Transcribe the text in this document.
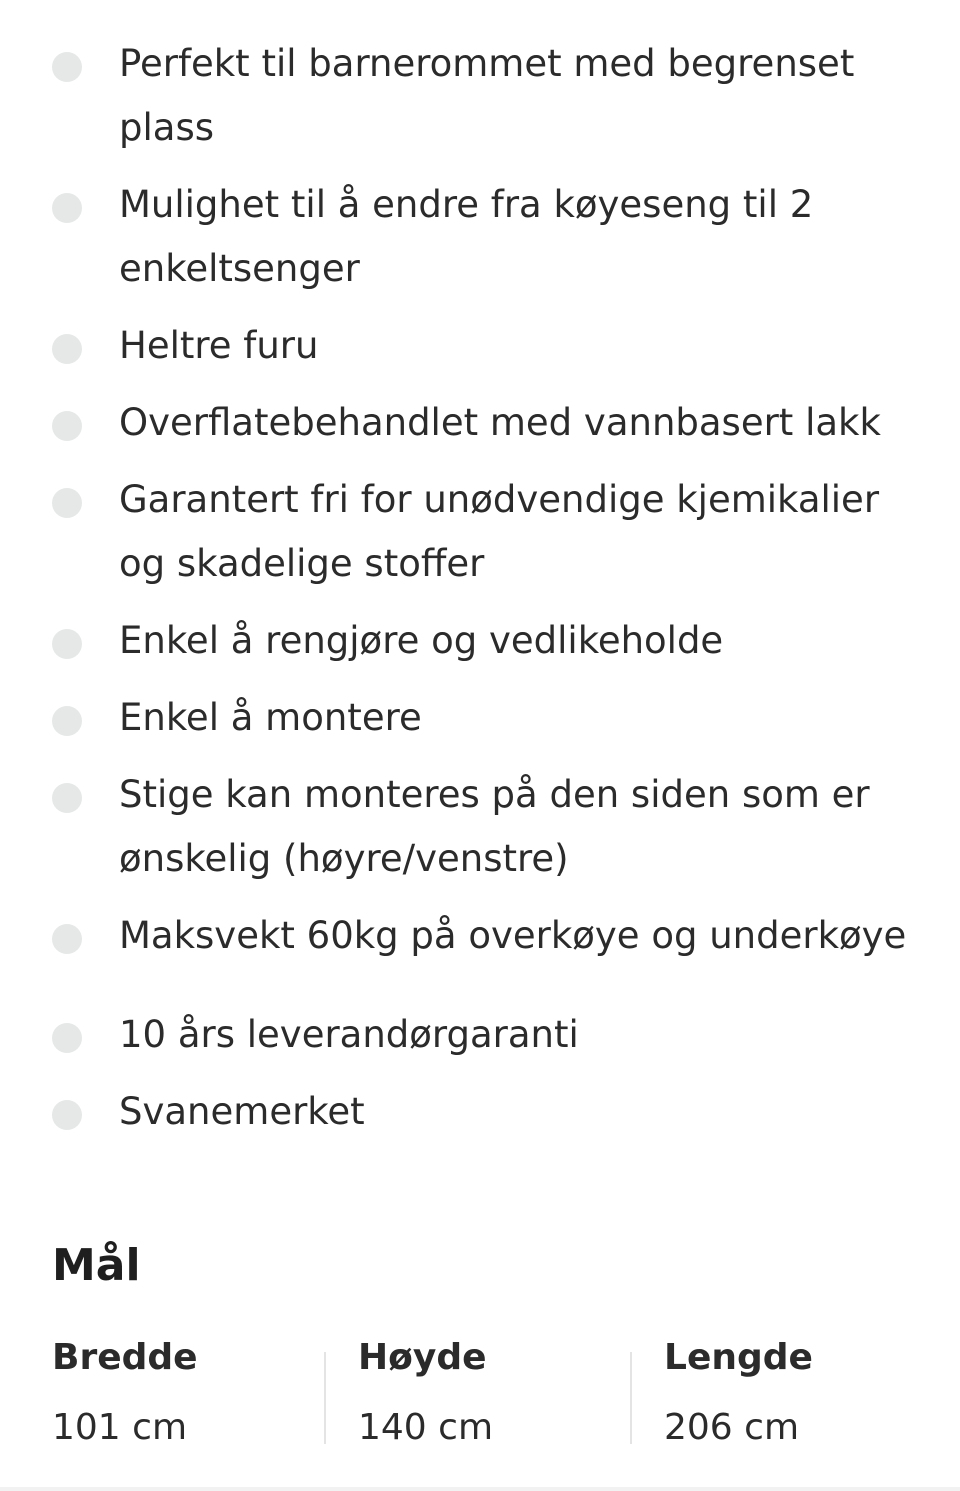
Perfekt til barnerommet med begrenset plass
Mulighet til å endre fra køyeseng til 2 enkeltsenger
Heltre furu
Overflatebehandlet med vannbasert lakk
Garantert fri for unødvendige kjemikalier og skadelige stoffer
Enkel å rengjøre og vedlikeholde
Enkel å montere
Stige kan monteres på den siden som er ønskelig (høyre/venstre)
Maksvekt 60kg på overkøye og underkøye
10 års leverandørgaranti
Svanemerket
Mål
Bredde
101 cm
Høyde
140 cm
Lengde
206 cm
